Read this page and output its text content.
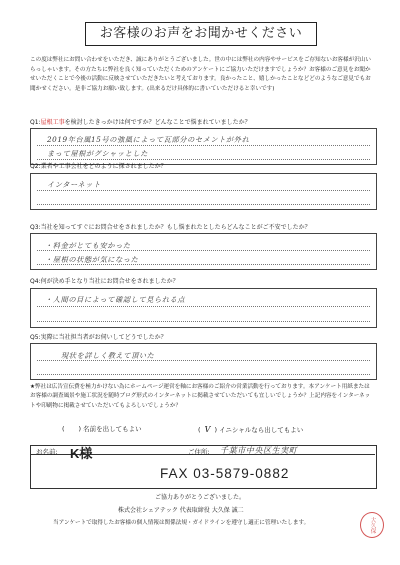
お客様のお声をお聞かせください
この度は弊社にお問い合わせをいただき、誠にありがとうございました。世の中には弊社の内容やサービスをご存知ないお客様が沢山いらっしゃいます。その方たちに弊社を良く知っていただくためのアンケートにご協力いただけますでしょうか？お客様のご意見をお聞かせいただくことで今後の活動に反映させていただきたいと考えております。良かったこと、嬉しかったことなどどのようなご意見でもお聞かせください。是非ご協力お願い致します。(出来るだけ具体的に書いていただけると幸いです)
Q1:屋根工事を検討したきっかけは何ですか？どんなことで悩まれていましたか？
2019年台風15号の強風によって瓦部分のセメントが外れ
まって屋根がグシャッとした
Q2:業者や工事会社をどのように探されましたか？
インターネット
Q3:当社を知ってすぐにお問合せをされましたか？もし悩まれたとしたらどんなことがご不安でしたか？
・料金がとても安かった
・屋根の状態が気になった
Q4:何が決め手となり当社にお問合せをされましたか？
・人間の目によって確認して見られる点
Q5:実際に当社担当者がお伺いしてどうでしたか？
現状を詳しく教えて頂いた
★弊社は広告宣伝費を極力かけない為にホームページ運営を軸にお客様のご紹介の営業活動を行っております。本アンケート用紙またはお客様の調査風景や施工状況を随時ブログ形式のインターネットに掲載させていただいても宜しいでしょうか？上記内容をインターネットや印刷物に掲載させていただいてもよろしいでしょうか？
( ) 名前を出してもよい	( V ) イニシャルなら出してもよい
お名前: K様	ご住所: 千葉市中央区生実町
FAX 03-5879-0882
ご協力ありがとうございました。
株式会社シェアテック 代表取締役 大久保 誠二
当アンケートで取得したお客様の個人情報は関係法規・ガイドラインを遵守し適正に管理いたします。	大久保
